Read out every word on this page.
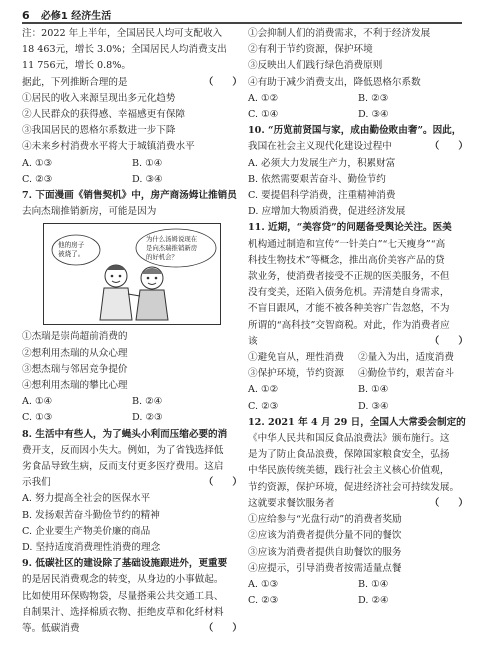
6 必修1 经济生活

注：2022 年上半年，全国居民人均可支配收入

18 463元，增长 3.0%；全国居民人均消费支出

11 756元，增长 0.8%。

据此，下列推断合理的是	（　　）

①居民的收入来源呈现出多元化趋势

②人民群众的获得感、幸福感更有保障

③我国居民的恩格尔系数进一步下降

④未来乡村消费水平将大于城镇消费水平

A. ①③	B. ①④
C. ②③	D. ③④

7. 下面漫画《销售契机》中，房产商汤姆让推销员

去向杰瑞推销新房，可能是因为

他的房子
被烧了。
为什么汤姆说现在
是向杰瑞推销新房
的好机会？

①杰瑞是崇尚超前消费的

②想利用杰瑞的从众心理

③想杰瑞与邻居竞争提价

④想利用杰瑞的攀比心理

A. ①④	B. ②④
C. ①③	D. ②③

8. 生活中有些人，为了蝇头小利而压缩必要的消

费开支，反而因小失大。例如，为了省钱选择低

劣食品导致生病，反而支付更多医疗费用。这启

示我们	（　　）

A. 努力提高全社会的医保水平

B. 发扬艰苦奋斗勤俭节约的精神

C. 企业要生产物美价廉的商品

D. 坚持适度消费理性消费的理念

9. 低碳社区的建设除了基础设施跟进外，更重要

的是居民消费观念的转变，从身边的小事做起。

比如使用环保购物袋，尽量搭乘公共交通工具、

自制果汁、选择棉质衣物、拒绝皮草和化纤材料

等。低碳消费	（　　）

①会抑制人们的消费需求，不利于经济发展

②有利于节约资源，保护环境

③反映出人们践行绿色消费原则

④有助于减少消费支出，降低恩格尔系数

A. ①②	B. ②③
C. ①④	D. ③④

10. “历览前贤国与家，成由勤俭败由奢”。因此，

我国在社会主义现代化建设过程中	（　　）

A. 必须大力发展生产力，积累财富

B. 依然需要艰苦奋斗、勤俭节约

C. 要提倡科学消费，注重精神消费

D. 应增加大物质消费，促进经济发展

11. 近期，“美容贷”的问题备受舆论关注。医美

机构通过制造和宣传“一针美白”“七天瘦身”“高

科技生物技术”等概念，推出高价美容产品的贷

款业务，使消费者接受不正规的医美服务，不但

没有变美，还陷入债务危机。弄清楚自身需求，

不盲目跟风，才能不被各种美容广告忽悠，不为

所谓的“高科技”交智商税。对此，作为消费者应

该	（　　）

①避免盲从，理性消费	②量入为出，适度消费
③保护环境，节约资源	④勤俭节约，艰苦奋斗
A. ①②	B. ①④
C. ②③	D. ③④

12. 2021 年 4 月 29 日，全国人大常委会制定的

《中华人民共和国反食品浪费法》颁布施行。这

是为了防止食品浪费，保障国家粮食安全，弘扬

中华民族传统美德，践行社会主义核心价值观，

节约资源，保护环境，促进经济社会可持续发展。

这就要求餐饮服务者	（　　）

①应给参与“光盘行动”的消费者奖励

②应该为消费者提供分量不同的餐饮

③应该为消费者提供自助餐饮的服务

④应提示，引导消费者按需适量点餐

A. ①③	B. ①④
C. ②③	D. ②④
